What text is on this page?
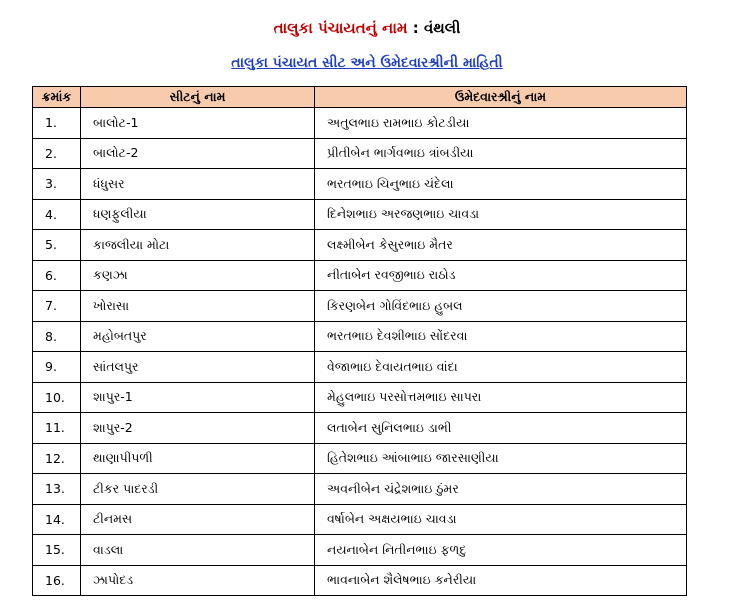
તાલુકા પંચાયતનું નામ : વંથલી
તાલુકા પંચાયત સીટ અને ઉમેદવારશ્રીની માહિતી
ક્રમાંક	સીટનું નામ	ઉમેદવારશ્રીનું નામ
1.	બાલોટ-1	અતુલભાઇ રામભાઇ કોટડીયા
2.	બાલોટ-2	પ્રીતીબેન ભાર્ગવભાઇ ત્રાંબડીયા
3.	ધંધુસર	ભરતભાઇ ચિનુભાઇ ચંદેલા
4.	ધણફુલીયા	દિનેશભાઇ અરજણભાઇ ચાવડા
5.	કાજલીયા મોટા	લક્ષ્મીબેન કેસુરભાઇ મૈતર
6.	કણઝા	નીતાબેન રવજીભાઇ રાઠોડ
7.	ખોરાસા	કિરણબેન ગોવિંદભાઇ હુબલ
8.	મહોબતપુર	ભરતભાઇ દેવશીભાઇ સોંદરવા
9.	સાંતલપુર	વેજાભાઇ દેવાયતભાઇ વાંદા
10.	શાપુર-1	મેહુલભાઇ પરસોત્તમભાઇ સાપરા
11.	શાપુર-2	લતાબેન સુનિલભાઇ ડાભી
12.	થાણાપીપળી	હિતેશભાઇ આંબાભાઇ જારસાણીયા
13.	ટીકર પાદરડી	અવનીબેન ચંદ્રેશભાઇ ઠુંમર
14.	ટીનમસ	વર્ષાબેન અક્ષયભાઇ ચાવડા
15.	વાડલા	નયનાબેન નિતીનભાઇ ફળદુ
16.	ઝાપોદડ	ભાવનાબેન શૈલેષભાઇ કનેરીયા
